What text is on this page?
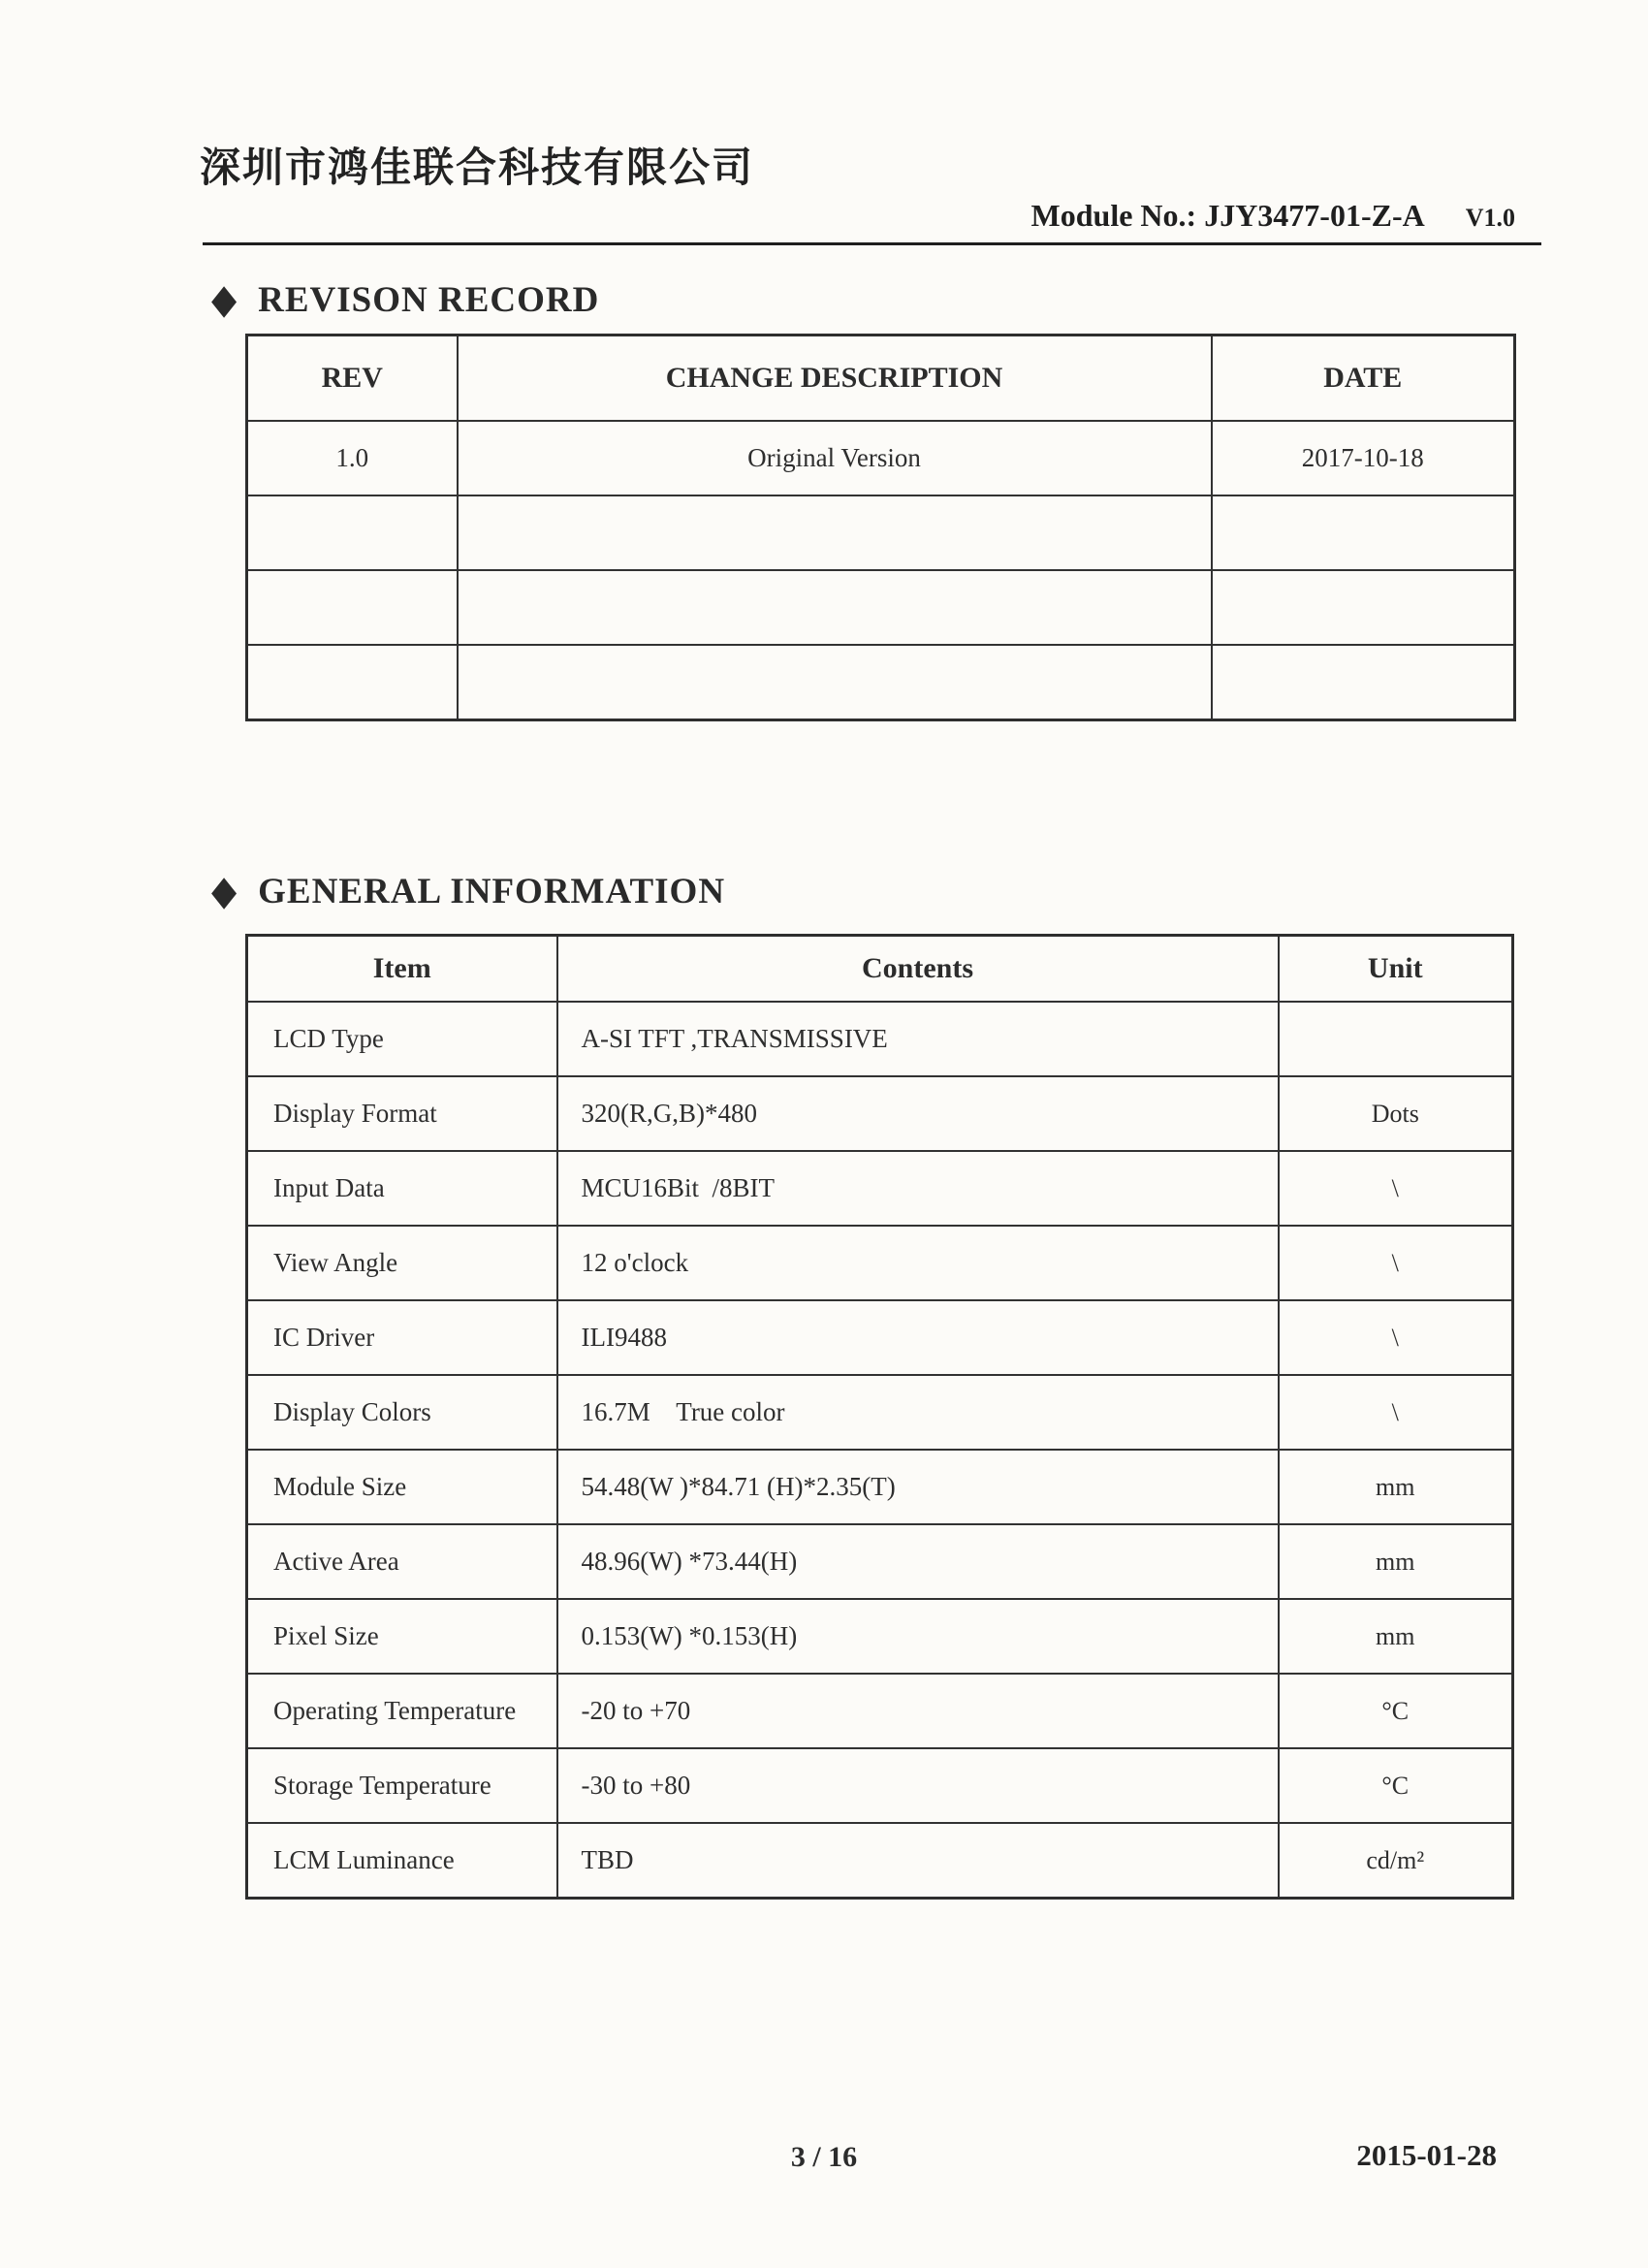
深圳市鸿佳联合科技有限公司
Module No.: JJY3477-01-Z-A V1.0
◆ REVISON RECORD
REV	CHANGE DESCRIPTION	DATE
1.0	Original Version	2017-10-18

◆ GENERAL INFORMATION
Item	Contents	Unit
LCD Type	A-SI TFT ,TRANSMISSIVE	
Display Format	320(R,G,B)*480	Dots
Input Data	MCU16Bit  /8BIT	\
View Angle	12 o'clock	\
IC Driver	ILI9488	\
Display Colors	16.7M    True color	\
Module Size	54.48(W )*84.71 (H)*2.35(T)	mm
Active Area	48.96(W) *73.44(H)	mm
Pixel Size	0.153(W) *0.153(H)	mm
Operating Temperature	-20 to +70	°C
Storage Temperature	-30 to +80	°C
LCM Luminance	TBD	cd/m²
3 / 16	2015-01-28
